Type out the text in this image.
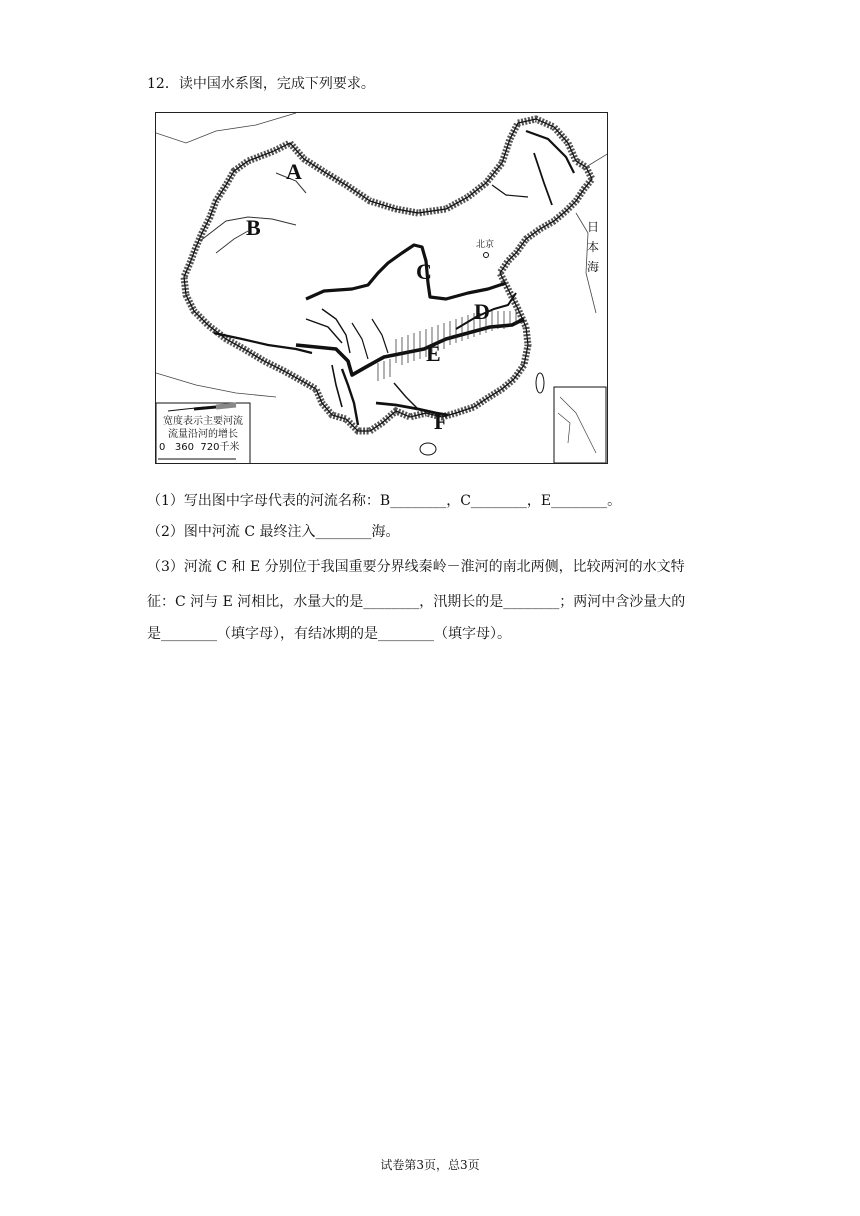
12．读中国水系图，完成下列要求。
A
B
C
D
E
F
北京
日
本
海
宽度表示主要河流
流量沿河的增长
0   360  720千米
（1）写出图中字母代表的河流名称：B________，C________，E________。
（2）图中河流 C 最终注入________海。
（3）河流 C 和 E 分别位于我国重要分界线秦岭－淮河的南北两侧，比较两河的水文特
征：C 河与 E 河相比，水量大的是________，汛期长的是________；两河中含沙量大的
是________（填字母），有结冰期的是________（填字母）。
试卷第3页，总3页
